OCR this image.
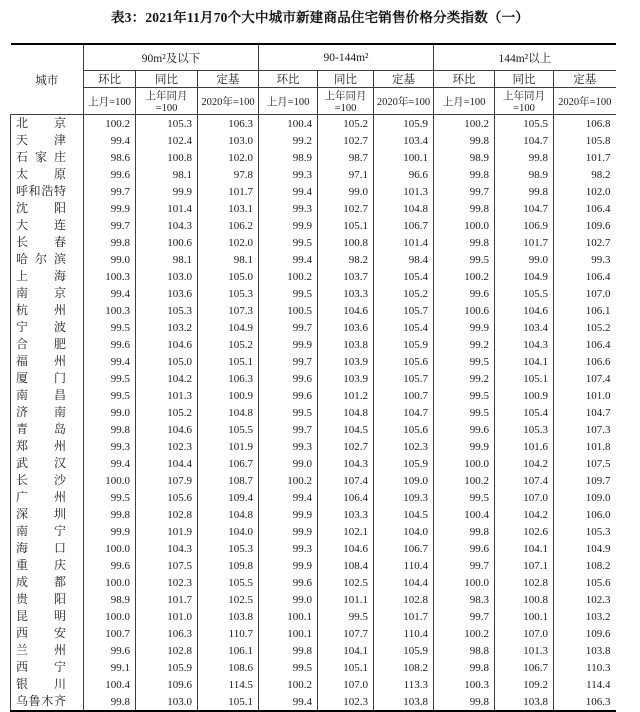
表3：2021年11月70个大中城市新建商品住宅销售价格分类指数（一）
城市	90m²及以下			90-144m²			144m²以上		
	环比	同比	定基	环比	同比	定基	环比	同比	定基
	上月=100	上年同月=100	2020年=100	上月=100	上年同月=100	2020年=100	上月=100	上年同月=100	2020年=100
北京	100.2	105.3	106.3	100.4	105.2	105.9	100.2	105.5	106.8
天津	99.4	102.4	103.0	99.2	102.7	103.4	99.8	104.7	105.8
石家庄	98.6	100.8	102.0	98.9	98.7	100.1	98.9	99.8	101.7
太原	99.6	98.1	97.8	99.3	97.1	96.6	99.8	98.9	98.2
呼和浩特	99.7	99.9	101.7	99.4	99.0	101.3	99.7	99.8	102.0
沈阳	99.9	101.4	103.1	99.3	102.7	104.8	99.8	104.7	106.4
大连	99.7	104.3	106.2	99.9	105.1	106.7	100.0	106.9	109.6
长春	99.8	100.6	102.0	99.5	100.8	101.4	99.8	101.7	102.7
哈尔滨	99.0	98.1	98.1	99.4	98.2	98.4	99.5	99.0	99.3
上海	100.3	103.0	105.0	100.2	103.7	105.4	100.2	104.9	106.4
南京	99.4	103.6	105.3	99.5	103.3	105.2	99.6	105.5	107.0
杭州	100.3	105.3	107.3	100.5	104.6	105.7	100.6	104.6	106.1
宁波	99.5	103.2	104.9	99.7	103.6	105.4	99.9	103.4	105.2
合肥	99.6	104.6	105.2	99.9	103.8	105.9	99.2	104.3	106.4
福州	99.4	105.0	105.1	99.7	103.9	105.6	99.5	104.1	106.6
厦门	99.5	104.2	106.3	99.6	103.9	105.7	99.2	105.1	107.4
南昌	99.5	101.3	100.9	99.6	101.2	100.7	99.5	100.9	101.0
济南	99.0	105.2	104.8	99.5	104.8	104.7	99.5	105.4	104.7
青岛	99.8	104.6	105.5	99.7	104.5	105.6	99.6	105.3	107.3
郑州	99.3	102.3	101.9	99.3	102.7	102.3	99.9	101.6	101.8
武汉	99.4	104.4	106.7	99.0	104.3	105.9	100.0	104.2	107.5
长沙	100.0	107.9	108.7	100.2	107.4	109.0	100.2	107.4	109.7
广州	99.5	105.6	109.4	99.4	106.4	109.3	99.5	107.0	109.0
深圳	99.8	102.8	104.8	99.9	103.3	104.5	100.4	104.2	106.0
南宁	99.9	101.9	104.0	99.9	102.1	104.0	99.8	102.6	105.3
海口	100.0	104.3	105.3	99.3	104.6	106.7	99.6	104.1	104.9
重庆	99.6	107.5	109.8	99.9	108.4	110.4	99.7	107.1	108.2
成都	100.0	102.3	105.5	99.6	102.5	104.4	100.0	102.8	105.6
贵阳	98.9	101.7	102.5	99.0	101.1	102.8	98.3	100.8	102.3
昆明	100.0	101.0	103.8	100.1	99.5	101.7	99.7	100.1	103.2
西安	100.7	106.3	110.7	100.1	107.7	110.4	100.2	107.0	109.6
兰州	99.6	102.8	106.1	99.8	104.1	105.9	98.8	101.3	103.8
西宁	99.1	105.9	108.6	99.5	105.1	108.2	99.8	106.7	110.3
银川	100.4	109.6	114.5	100.2	107.0	113.3	100.3	109.2	114.4
乌鲁木齐	99.8	103.0	105.1	99.4	102.3	103.8	99.8	103.8	106.3
